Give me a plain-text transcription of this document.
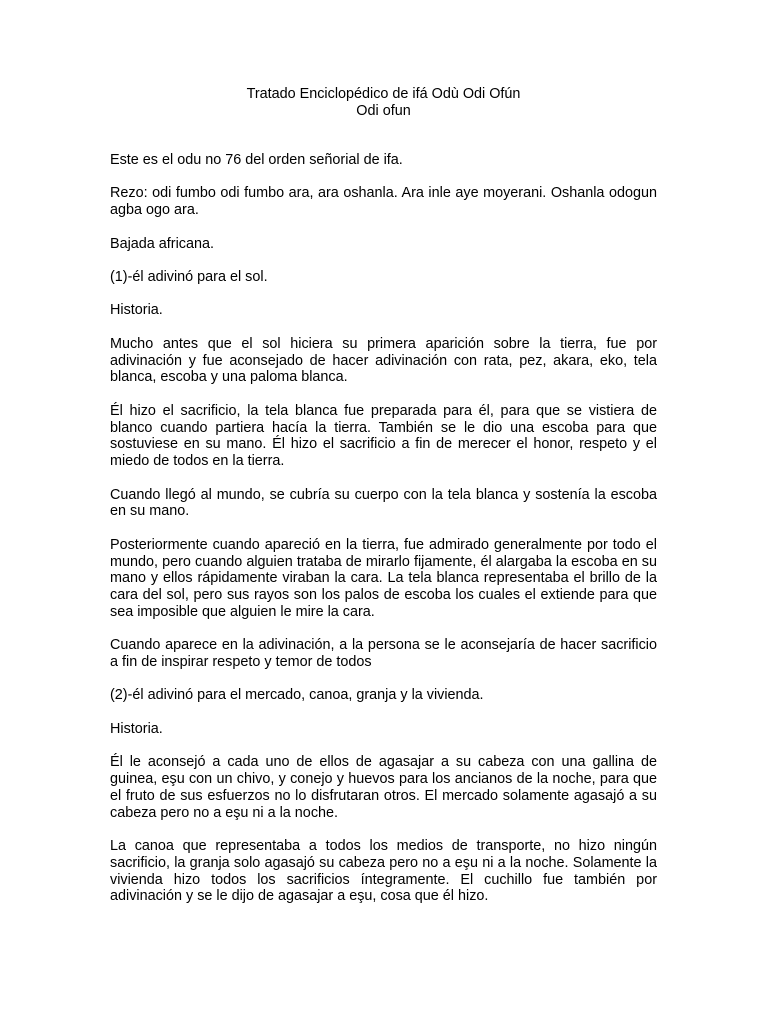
Tratado Enciclopédico de ifá Odù Odi Ofún
Odi ofun

Este es el odu no 76 del orden señorial de ifa.

Rezo: odi fumbo odi fumbo ara, ara oshanla. Ara inle aye moyerani. Oshanla odogun agba ogo ara.

Bajada africana.

(1)-él adivinó para el sol.

Historia.

Mucho antes que el sol hiciera su primera aparición sobre la tierra, fue por adivinación y fue aconsejado de hacer adivinación con rata, pez, akara, eko, tela blanca, escoba y una paloma blanca.

Él hizo el sacrificio, la tela blanca fue preparada para él, para que se vistiera de blanco cuando partiera hacía la tierra. También se le dio una escoba para que sostuviese en su mano. Él hizo el sacrificio a fin de merecer el honor, respeto y el miedo de todos en la tierra.

Cuando llegó al mundo, se cubría su cuerpo con la tela blanca y sostenía la escoba en su mano.

Posteriormente cuando apareció en la tierra, fue admirado generalmente por todo el mundo, pero cuando alguien trataba de mirarlo fijamente, él alargaba la escoba en su mano y ellos rápidamente viraban la cara. La tela blanca representaba el brillo de la cara del sol, pero sus rayos son los palos de escoba los cuales el extiende para que sea imposible que alguien le mire la cara.

Cuando aparece en la adivinación, a la persona se le aconsejaría de hacer sacrificio a fin de inspirar respeto y temor de todos

(2)-él adivinó para el mercado, canoa, granja y la vivienda.

Historia.

Él le aconsejó a cada uno de ellos de agasajar a su cabeza con una gallina de guinea, eşu con un chivo, y conejo y huevos para los ancianos de la noche, para que el fruto de sus esfuerzos no lo disfrutaran otros. El mercado solamente agasajó a su cabeza pero no a eşu ni a la noche.

La canoa que representaba a todos los medios de transporte, no hizo ningún sacrificio, la granja solo agasajó su cabeza pero no a eşu ni a la noche. Solamente la vivienda hizo todos los sacrificios íntegramente. El cuchillo fue también por adivinación y se le dijo de agasajar a eşu, cosa que él hizo.
